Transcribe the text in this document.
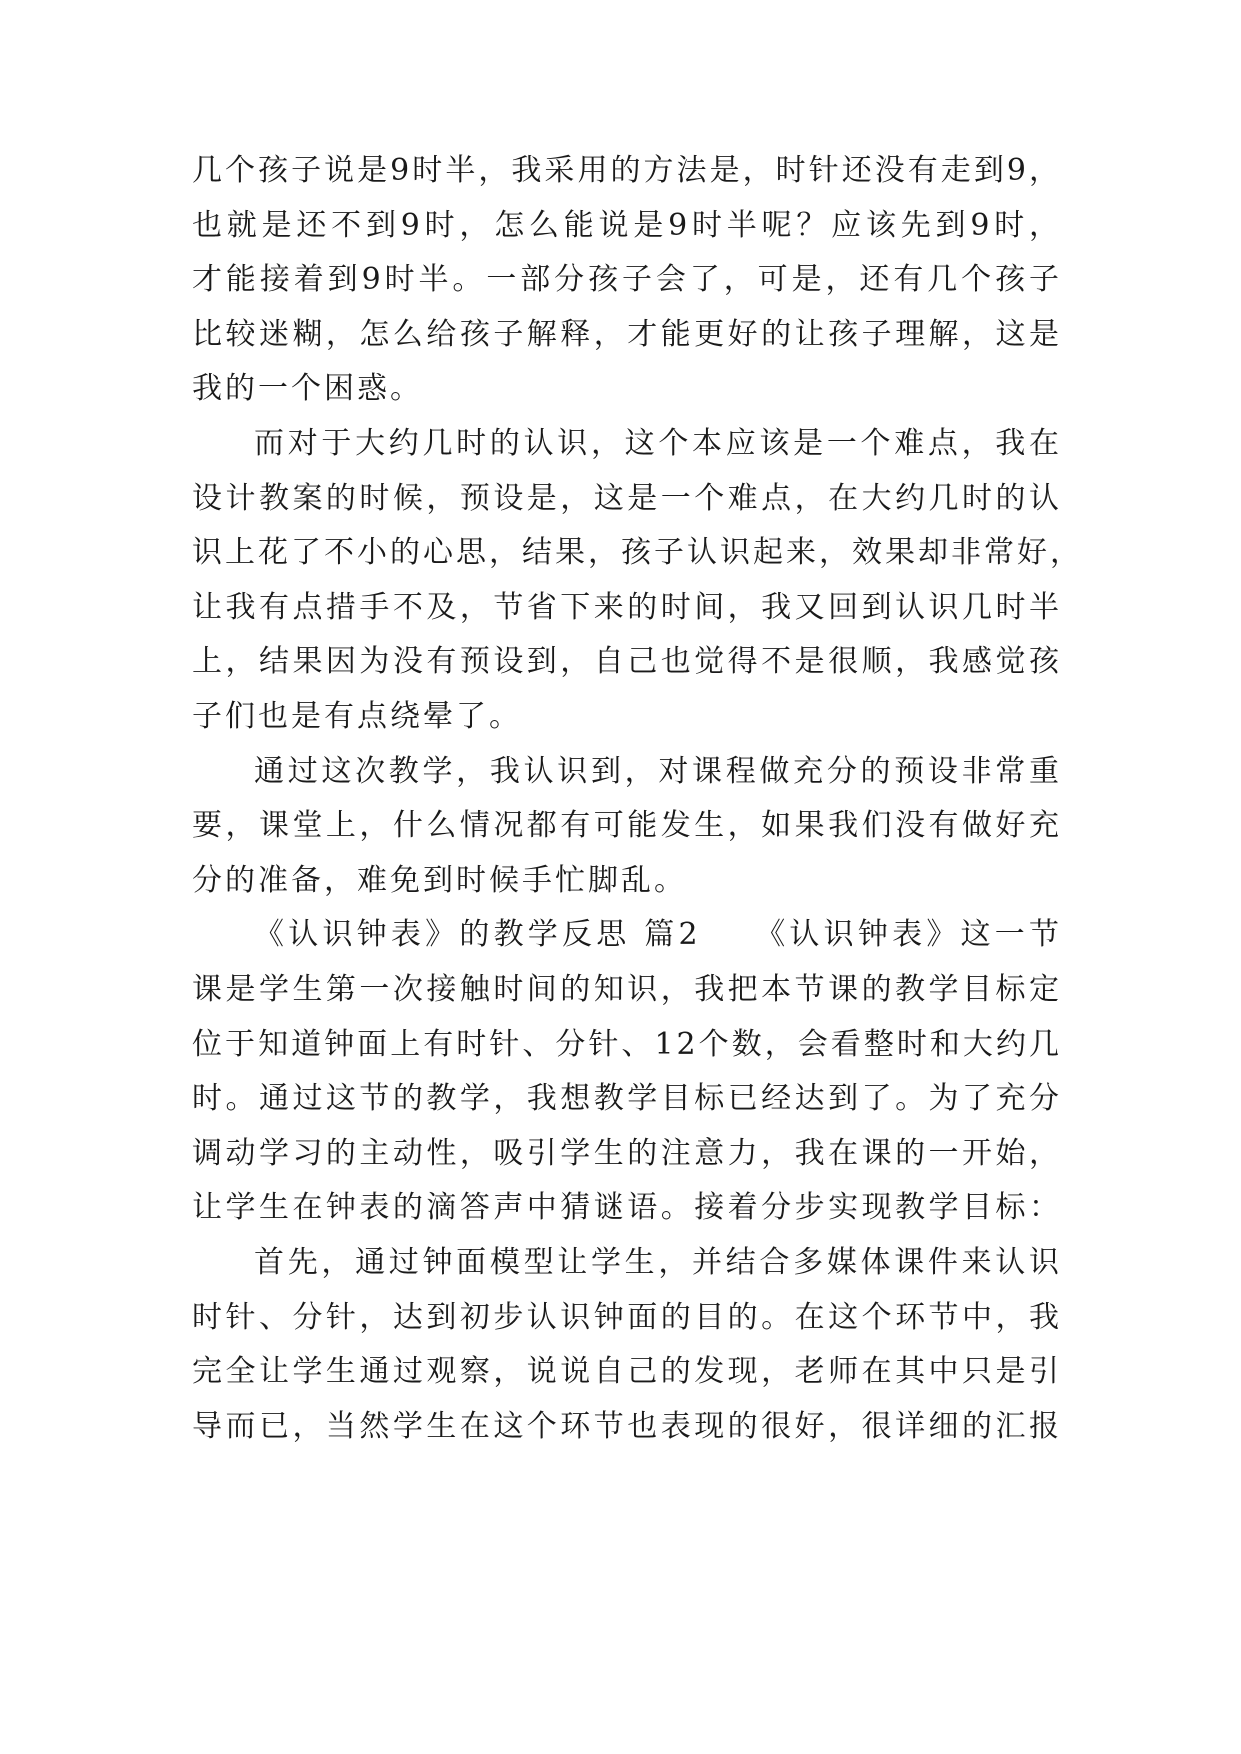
几个孩子说是9时半，我采用的方法是，时针还没有走到9，
也就是还不到9时，怎么能说是9时半呢？应该先到9时，
才能接着到9时半。一部分孩子会了，可是，还有几个孩子
比较迷糊，怎么给孩子解释，才能更好的让孩子理解，这是
我的一个困惑。
而对于大约几时的认识，这个本应该是一个难点，我在
设计教案的时候，预设是，这是一个难点，在大约几时的认
识上花了不小的心思，结果，孩子认识起来，效果却非常好，
让我有点措手不及，节省下来的时间，我又回到认识几时半
上，结果因为没有预设到，自己也觉得不是很顺，我感觉孩
子们也是有点绕晕了。
通过这次教学，我认识到，对课程做充分的预设非常重
要，课堂上，什么情况都有可能发生，如果我们没有做好充
分的准备，难免到时候手忙脚乱。
《认识钟表》的教学反思 篇2　　《认识钟表》这一节
课是学生第一次接触时间的知识，我把本节课的教学目标定
位于知道钟面上有时针、分针、12个数，会看整时和大约几
时。通过这节的教学，我想教学目标已经达到了。为了充分
调动学习的主动性，吸引学生的注意力，我在课的一开始，
让学生在钟表的滴答声中猜谜语。接着分步实现教学目标：
首先，通过钟面模型让学生，并结合多媒体课件来认识
时针、分针，达到初步认识钟面的目的。在这个环节中，我
完全让学生通过观察，说说自己的发现，老师在其中只是引
导而已，当然学生在这个环节也表现的很好，很详细的汇报
